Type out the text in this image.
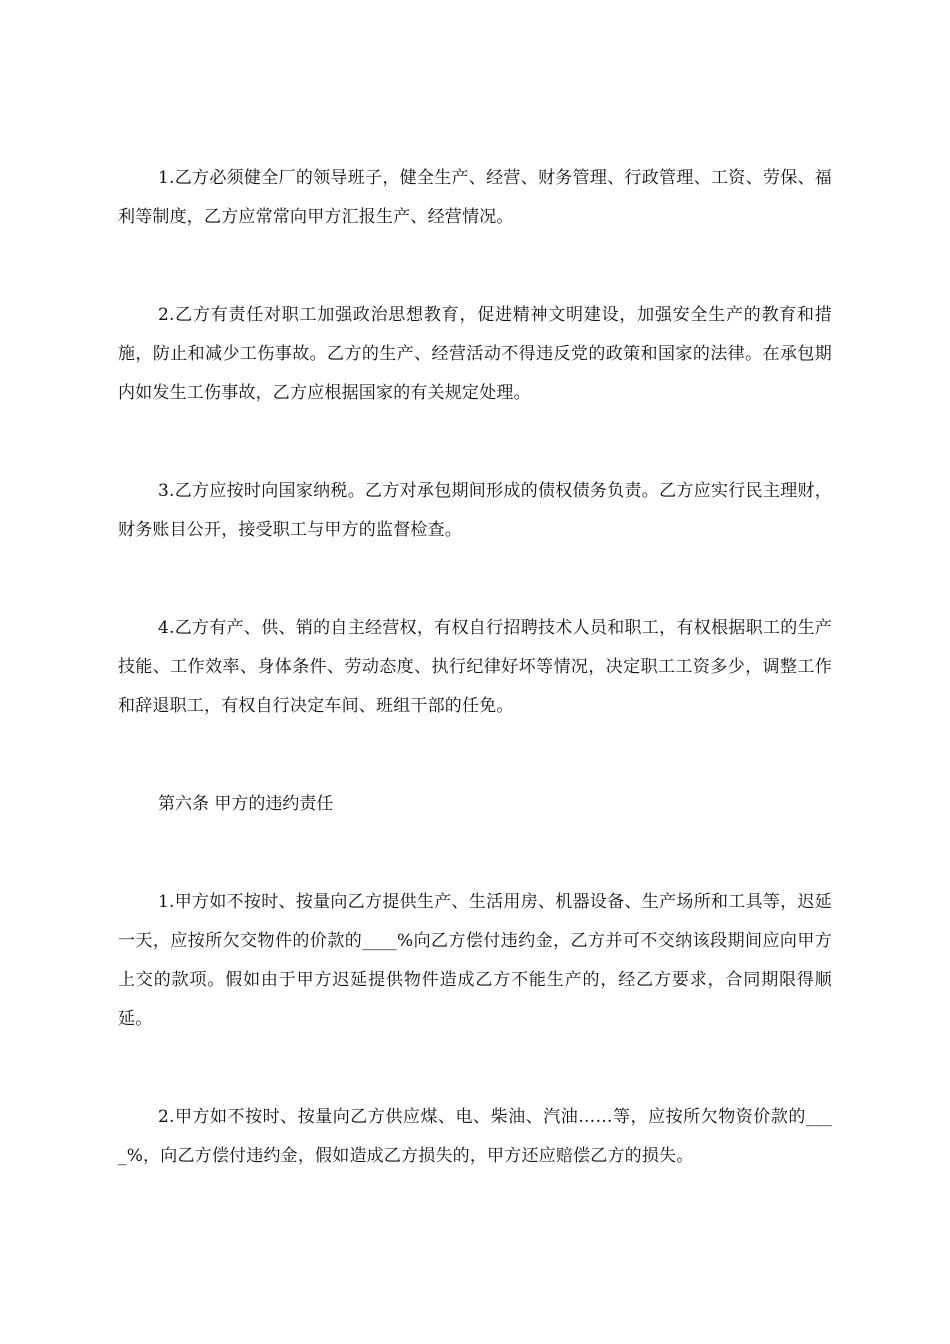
1.乙方必须健全厂的领导班子，健全生产、经营、财务管理、行政管理、工资、劳保、福利等制度，乙方应常常向甲方汇报生产、经营情况。

2.乙方有责任对职工加强政治思想教育，促进精神文明建设，加强安全生产的教育和措施，防止和减少工伤事故。乙方的生产、经营活动不得违反党的政策和国家的法律。在承包期内如发生工伤事故，乙方应根据国家的有关规定处理。

3.乙方应按时向国家纳税。乙方对承包期间形成的债权债务负责。乙方应实行民主理财，财务账目公开，接受职工与甲方的监督检查。

4.乙方有产、供、销的自主经营权，有权自行招聘技术人员和职工，有权根据职工的生产技能、工作效率、身体条件、劳动态度、执行纪律好坏等情况，决定职工工资多少，调整工作和辞退职工，有权自行决定车间、班组干部的任免。

第六条 甲方的违约责任

1.甲方如不按时、按量向乙方提供生产、生活用房、机器设备、生产场所和工具等，迟延一天，应按所欠交物件的价款的____%向乙方偿付违约金，乙方并可不交纳该段期间应向甲方上交的款项。假如由于甲方迟延提供物件造成乙方不能生产的，经乙方要求，合同期限得顺延。

2.甲方如不按时、按量向乙方供应煤、电、柴油、汽油……等，应按所欠物资价款的____%，向乙方偿付违约金，假如造成乙方损失的，甲方还应赔偿乙方的损失。
